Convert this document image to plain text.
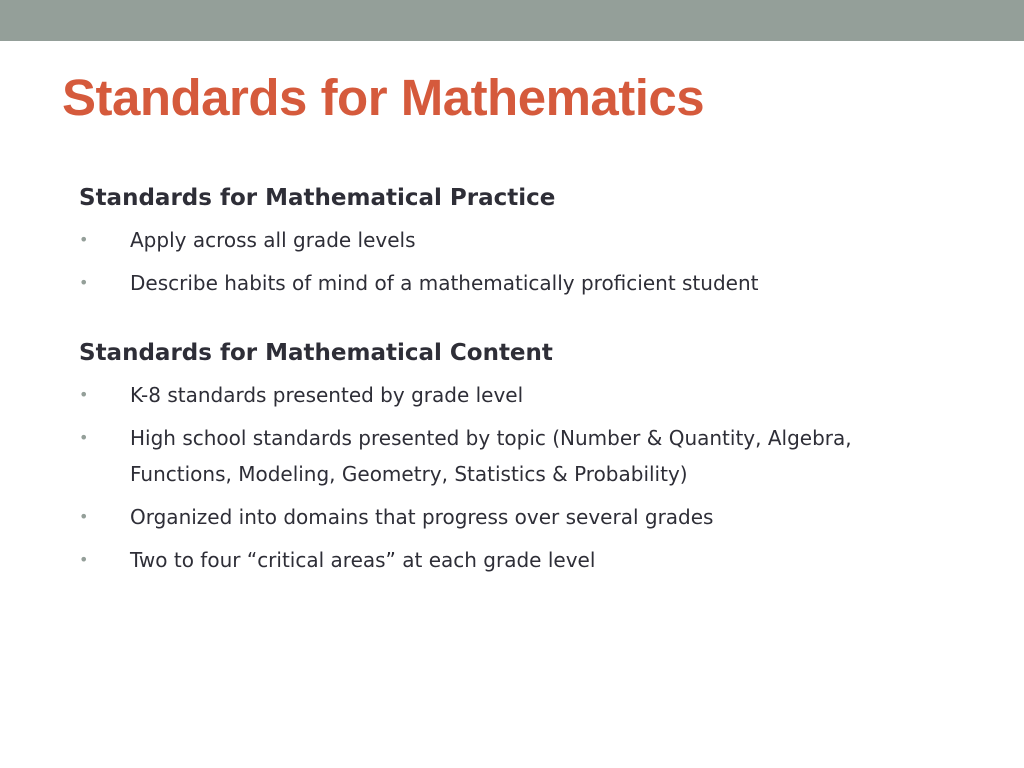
Standards for Mathematics
Standards for Mathematical Practice
• Apply across all grade levels
• Describe habits of mind of a mathematically proficient student
Standards for Mathematical Content
• K-8 standards presented by grade level
• High school standards presented by topic (Number & Quantity, Algebra, Functions, Modeling, Geometry, Statistics & Probability)
• Organized into domains that progress over several grades
• Two to four “critical areas” at each grade level
